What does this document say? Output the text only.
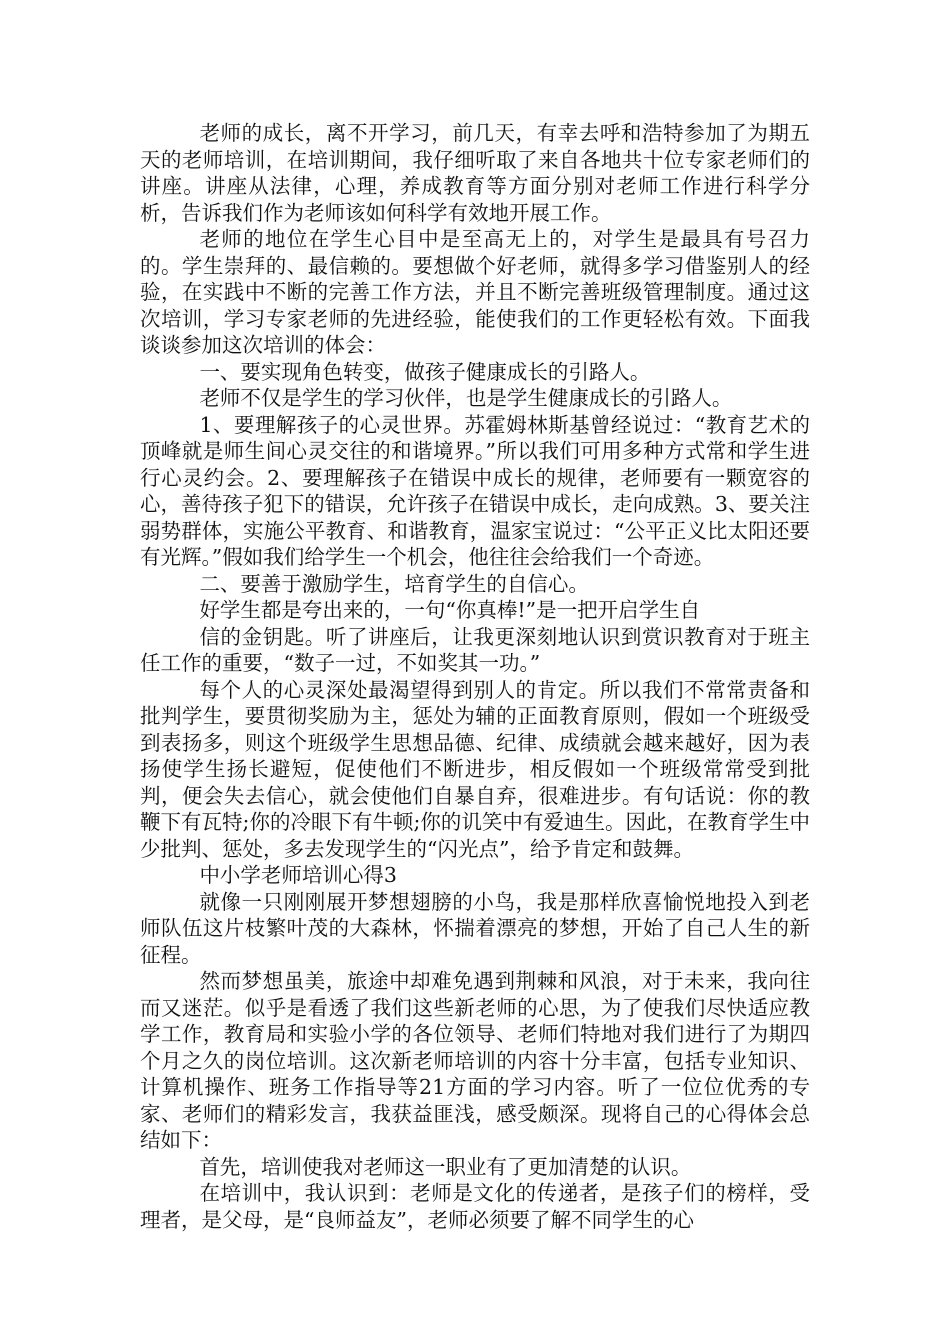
老师的成长，离不开学习，前几天，有幸去呼和浩特参加了为期五天的老师培训，在培训期间，我仔细听取了来自各地共十位专家老师们的讲座。讲座从法律，心理，养成教育等方面分别对老师工作进行科学分析，告诉我们作为老师该如何科学有效地开展工作。

老师的地位在学生心目中是至高无上的，对学生是最具有号召力的。学生崇拜的、最信赖的。要想做个好老师，就得多学习借鉴别人的经验，在实践中不断的完善工作方法，并且不断完善班级管理制度。通过这次培训，学习专家老师的先进经验，能使我们的工作更轻松有效。下面我谈谈参加这次培训的体会：

一、要实现角色转变，做孩子健康成长的引路人。

老师不仅是学生的学习伙伴，也是学生健康成长的引路人。

1、要理解孩子的心灵世界。苏霍姆林斯基曾经说过：“教育艺术的顶峰就是师生间心灵交往的和谐境界。”所以我们可用多种方式常和学生进行心灵约会。2、要理解孩子在错误中成长的规律，老师要有一颗宽容的心，善待孩子犯下的错误，允许孩子在错误中成长，走向成熟。3、要关注弱势群体，实施公平教育、和谐教育，温家宝说过：“公平正义比太阳还要有光辉。”假如我们给学生一个机会，他往往会给我们一个奇迹。

二、要善于激励学生，培育学生的自信心。

好学生都是夸出来的，一句“你真棒!”是一把开启学生自

信的金钥匙。听了讲座后，让我更深刻地认识到赏识教育对于班主任工作的重要，“数子一过，不如奖其一功。”

每个人的心灵深处最渴望得到别人的肯定。所以我们不常常责备和批判学生，要贯彻奖励为主，惩处为辅的正面教育原则，假如一个班级受到表扬多，则这个班级学生思想品德、纪律、成绩就会越来越好，因为表扬使学生扬长避短，促使他们不断进步，相反假如一个班级常常受到批判，便会失去信心，就会使他们自暴自弃，很难进步。有句话说：你的教鞭下有瓦特;你的冷眼下有牛顿;你的讥笑中有爱迪生。因此，在教育学生中少批判、惩处，多去发现学生的“闪光点”，给予肯定和鼓舞。

中小学老师培训心得3

就像一只刚刚展开梦想翅膀的小鸟，我是那样欣喜愉悦地投入到老师队伍这片枝繁叶茂的大森林，怀揣着漂亮的梦想，开始了自己人生的新征程。

然而梦想虽美，旅途中却难免遇到荆棘和风浪，对于未来，我向往而又迷茫。似乎是看透了我们这些新老师的心思，为了使我们尽快适应教学工作，教育局和实验小学的各位领导、老师们特地对我们进行了为期四个月之久的岗位培训。这次新老师培训的内容十分丰富，包括专业知识、计算机操作、班务工作指导等21方面的学习内容。听了一位位优秀的专家、老师们的精彩发言，我获益匪浅，感受颇深。现将自己的心得体会总结如下：

首先，培训使我对老师这一职业有了更加清楚的认识。

在培训中，我认识到：老师是文化的传递者，是孩子们的榜样，受理者，是父母，是“良师益友”，老师必须要了解不同学生的心
